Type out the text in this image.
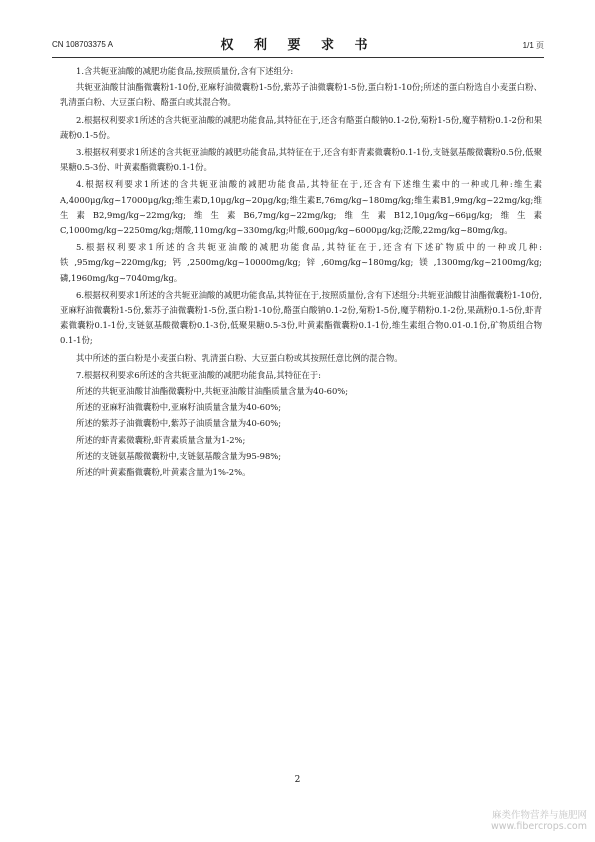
CN 108703375 A	权 利 要 求 书	1/1 页

1.含共轭亚油酸的减肥功能食品,按照质量份,含有下述组分:

共轭亚油酸甘油酯微囊粉1-10份,亚麻籽油微囊粉1-5份,紫苏子油微囊粉1-5份,蛋白粉1-10份;所述的蛋白粉选自小麦蛋白粉、乳清蛋白粉、大豆蛋白粉、酪蛋白或其混合物。

2.根据权利要求1所述的含共轭亚油酸的减肥功能食品,其特征在于,还含有酪蛋白酸钠0.1-2份,菊粉1-5份,魔芋精粉0.1-2份和果蔬粉0.1-5份。

3.根据权利要求1所述的含共轭亚油酸的减肥功能食品,其特征在于,还含有虾青素微囊粉0.1-1份,支链氨基酸微囊粉0.5份,低聚果糖0.5-3份、叶黄素酯微囊粉0.1-1份。

4.根据权利要求1所述的含共轭亚油酸的减肥功能食品,其特征在于,还含有下述维生素中的一种或几种:维生素A,4000μg/kg~17000μg/kg;维生素D,10μg/kg~20μg/kg;维生素E,76mg/kg~180mg/kg;维生素B1,9mg/kg~22mg/kg;维生素B2,9mg/kg~22mg/kg;维生素B6,7mg/kg~22mg/kg;维生素B12,10μg/kg~66μg/kg;维生素C,1000mg/kg~2250mg/kg;烟酸,110mg/kg~330mg/kg;叶酸,600μg/kg~6000μg/kg;泛酸,22mg/kg~80mg/kg。

5.根据权利要求1所述的含共轭亚油酸的减肥功能食品,其特征在于,还含有下述矿物质中的一种或几种:铁,95mg/kg~220mg/kg;钙,2500mg/kg~10000mg/kg;锌,60mg/kg~180mg/kg;镁,1300mg/kg~2100mg/kg;磷,1960mg/kg~7040mg/kg。

6.根据权利要求1所述的含共轭亚油酸的减肥功能食品,其特征在于,按照质量份,含有下述组分:共轭亚油酸甘油酯微囊粉1-10份,亚麻籽油微囊粉1-5份,紫苏子油微囊粉1-5份,蛋白粉1-10份,酪蛋白酸钠0.1-2份,菊粉1-5份,魔芋精粉0.1-2份,果蔬粉0.1-5份,虾青素微囊粉0.1-1份,支链氨基酸微囊粉0.1-3份,低聚果糖0.5-3份,叶黄素酯微囊粉0.1-1份,维生素组合物0.01-0.1份,矿物质组合物0.1-1份;

其中所述的蛋白粉是小麦蛋白粉、乳清蛋白粉、大豆蛋白粉或其按照任意比例的混合物。

7.根据权利要求6所述的含共轭亚油酸的减肥功能食品,其特征在于:

所述的共轭亚油酸甘油酯微囊粉中,共轭亚油酸甘油酯质量含量为40-60%;

所述的亚麻籽油微囊粉中,亚麻籽油质量含量为40-60%;

所述的紫苏子油微囊粉中,紫苏子油质量含量为40-60%;

所述的虾青素微囊粉,虾青素质量含量为1-2%;

所述的支链氨基酸微囊粉中,支链氨基酸含量为95-98%;

所述的叶黄素酯微囊粉,叶黄素含量为1%-2%。

2
麻类作物营养与施肥网
www.fibercrops.com
